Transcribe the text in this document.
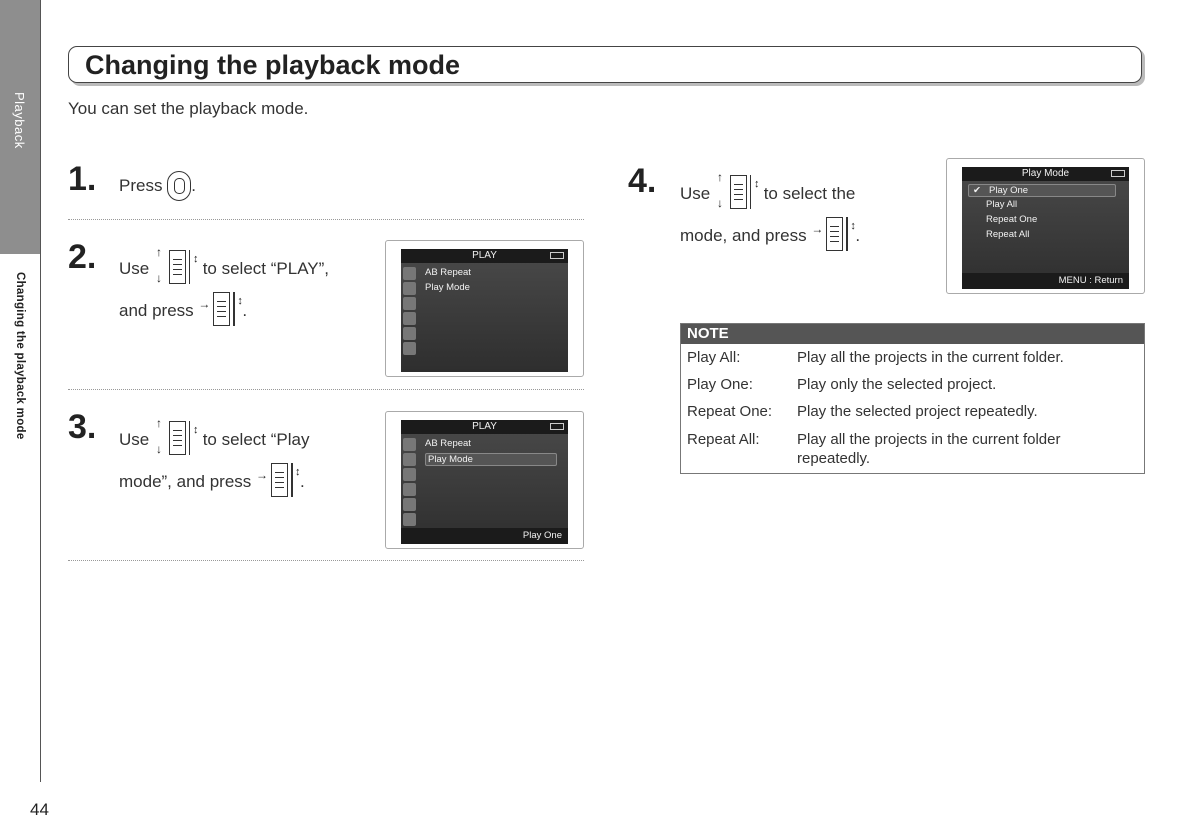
Playback
Changing the playback mode
44
Changing the playback mode
You can set the playback mode.
1. Press .
2. Use
↑
↓
↕ to select “PLAY”,
and press → ↕ .
PLAY
AB Repeat
Play Mode
3. Use
↑
↓
↕ to select “Play
mode”, and press → ↕ .
PLAY
AB Repeat
Play Mode
Play One
4. Use
↑
↓
↕ to select the
mode, and press → ↕ .
Play Mode
✔ Play One
Play All
Repeat One
Repeat All
MENU : Return
NOTE
Play All:	Play all the projects in the current folder.
Play One:	Play only the selected project.
Repeat One: Play the selected project repeatedly.
Repeat All: Play all the projects in the current folder repeatedly.
